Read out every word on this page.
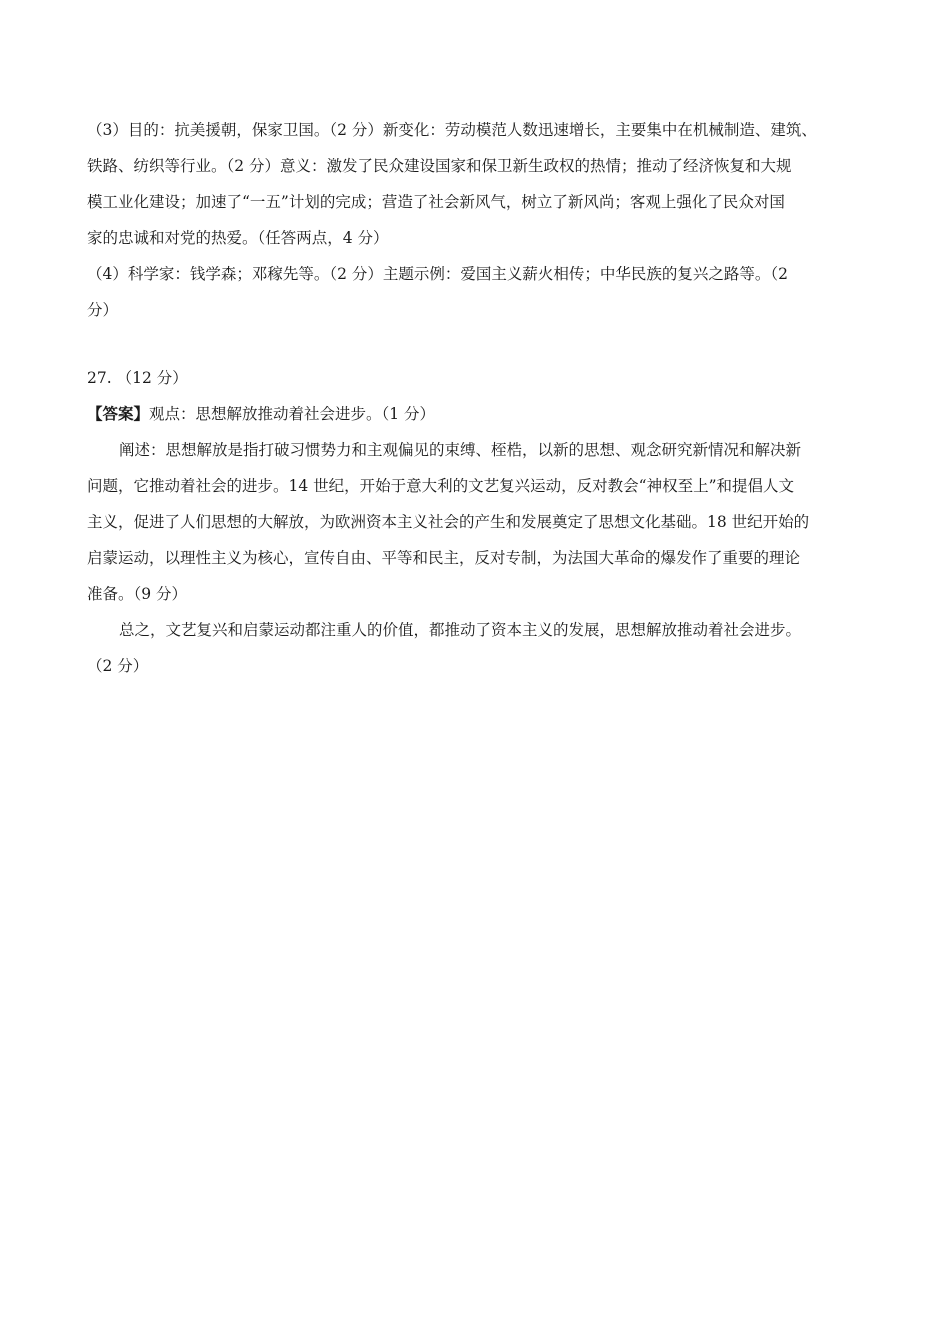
（3）目的：抗美援朝，保家卫国。（2 分）新变化：劳动模范人数迅速增长，主要集中在机械制造、建筑、

铁路、纺织等行业。（2 分）意义：激发了民众建设国家和保卫新生政权的热情；推动了经济恢复和大规

模工业化建设；加速了“一五”计划的完成；营造了社会新风气，树立了新风尚；客观上强化了民众对国

家的忠诚和对党的热爱。（任答两点，4 分）

（4）科学家：钱学森；邓稼先等。（2 分）主题示例：爱国主义薪火相传；中华民族的复兴之路等。（2

分）

27. （12 分）

【答案】观点：思想解放推动着社会进步。（1 分）

阐述：思想解放是指打破习惯势力和主观偏见的束缚、桎梏，以新的思想、观念研究新情况和解决新

问题，它推动着社会的进步。14 世纪，开始于意大利的文艺复兴运动，反对教会“神权至上”和提倡人文

主义，促进了人们思想的大解放，为欧洲资本主义社会的产生和发展奠定了思想文化基础。18 世纪开始的

启蒙运动，以理性主义为核心，宣传自由、平等和民主，反对专制，为法国大革命的爆发作了重要的理论

准备。（9 分）

总之，文艺复兴和启蒙运动都注重人的价值，都推动了资本主义的发展，思想解放推动着社会进步。

（2 分）
